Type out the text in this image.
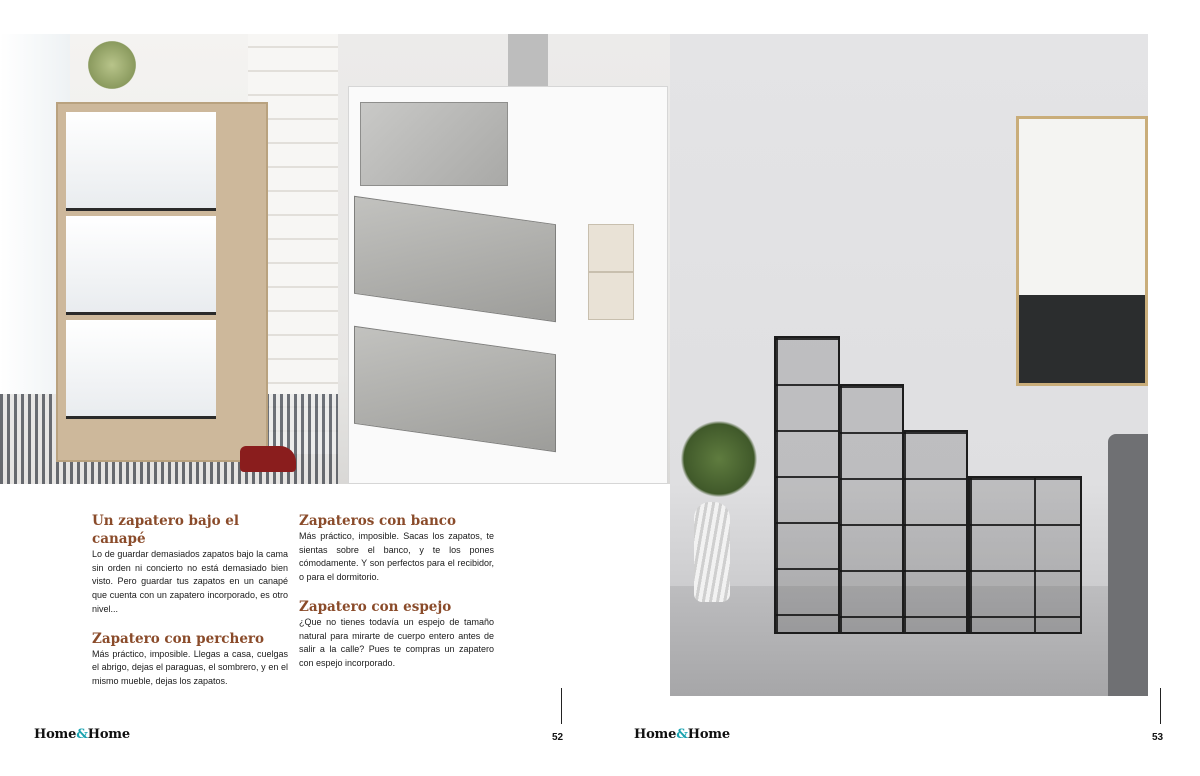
Un zapatero bajo el canapé

Lo de guardar demasiados zapatos bajo la cama sin orden ni concierto no está demasiado bien visto. Pero guardar tus zapatos en un canapé que cuenta con un zapatero incorporado, es otro nivel...

Zapatero con perchero

Más práctico, imposible. Llegas a casa, cuelgas el abrigo, dejas el paraguas, el sombrero, y en el mismo mueble, dejas los zapatos.

Zapateros con banco

Más práctico, imposible. Sacas los zapatos, te sientas sobre el banco, y te los pones cómodamente. Y son perfectos para el recibidor, o para el dormitorio.

Zapatero con espejo

¿Que no tienes todavía un espejo de tamaño natural para mirarte de cuerpo entero antes de salir a la calle? Pues te compras un zapatero con espejo incorporado.

Home&Home	52	Home&Home	53
